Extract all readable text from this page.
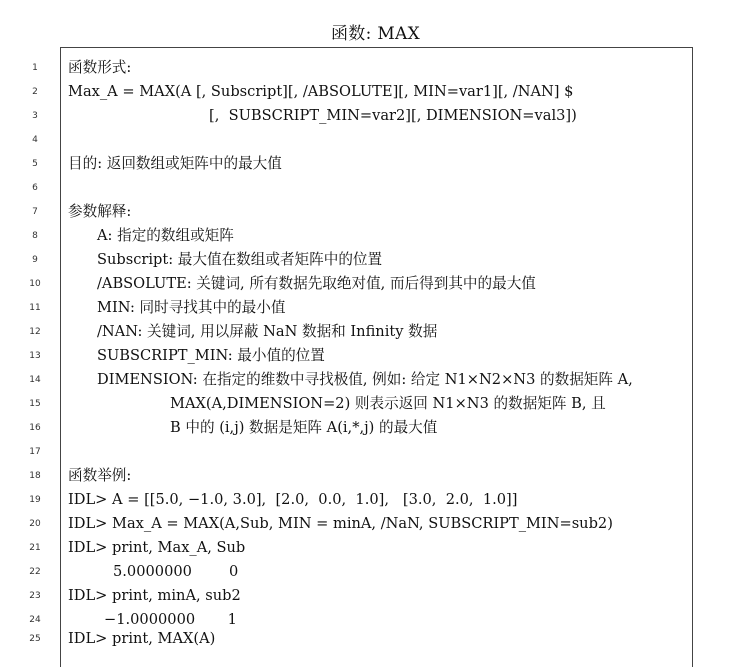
函数: MAX
1	函数形式:
2	Max_A = MAX(A [, Subscript][, /ABSOLUTE][, MIN=var1][, /NAN] $
3	[,  SUBSCRIPT_MIN=var2][, DIMENSION=val3])
4
5	目的: 返回数组或矩阵中的最大值
6
7	参数解释:
8	A: 指定的数组或矩阵
9	Subscript: 最大值在数组或者矩阵中的位置
10	/ABSOLUTE: 关键词, 所有数据先取绝对值, 而后得到其中的最大值
11	MIN: 同时寻找其中的最小值
12	/NAN: 关键词, 用以屏蔽 NaN 数据和 Infinity 数据
13	SUBSCRIPT_MIN: 最小值的位置
14	DIMENSION: 在指定的维数中寻找极值, 例如: 给定 N1×N2×N3 的数据矩阵 A,
15	MAX(A,DIMENSION=2) 则表示返回 N1×N3 的数据矩阵 B, 且
16	B 中的 (i,j) 数据是矩阵 A(i,*,j) 的最大值
17
18	函数举例:
19	IDL> A = [[5.0, −1.0, 3.0],  [2.0,  0.0,  1.0],   [3.0,  2.0,  1.0]]
20	IDL> Max_A = MAX(A,Sub, MIN = minA, /NaN, SUBSCRIPT_MIN=sub2)
21	IDL> print, Max_A, Sub
22	5.0000000        0
23	IDL> print, minA, sub2
24	−1.0000000       1
25	IDL> print, MAX(A)
